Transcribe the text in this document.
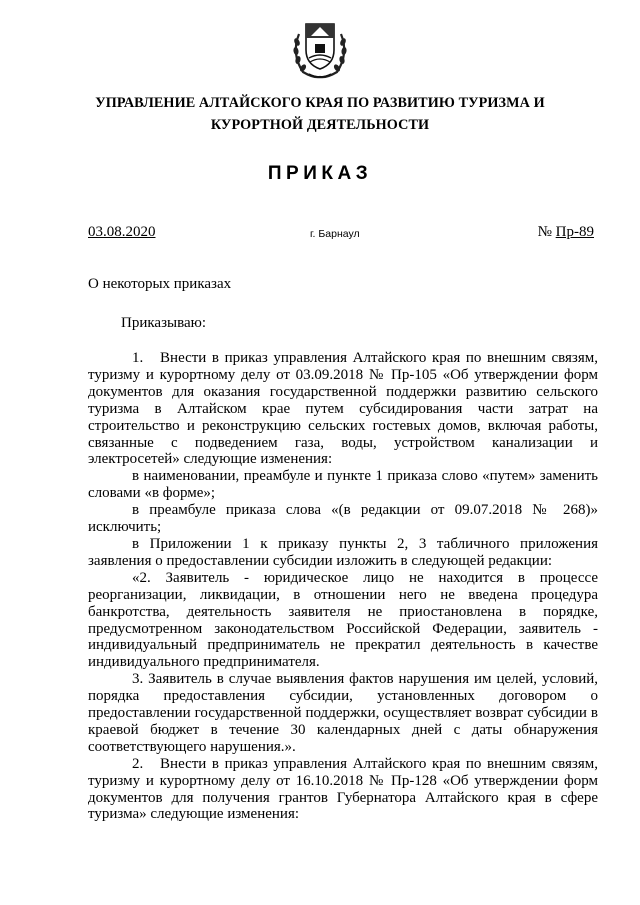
УПРАВЛЕНИЕ АЛТАЙСКОГО КРАЯ ПО РАЗВИТИЮ ТУРИЗМА И
КУРОРТНОЙ ДЕЯТЕЛЬНОСТИ
ПРИКАЗ
03.08.2020	г. Барнаул	№ Пр-89
О некоторых приказах
Приказываю:

1.   Внести в приказ управления Алтайского края по внешним связям, туризму и курортному делу от 03.09.2018 № Пр-105 «Об утверждении форм документов для оказания государственной поддержки развитию сельского туризма в Алтайском крае путем субсидирования части затрат на строительство и реконструкцию сельских гостевых домов, включая работы, связанные с подведением газа, воды, устройством канализации и электросетей» следующие изменения:

в наименовании, преамбуле и пункте 1 приказа слово «путем» заменить словами «в форме»;

в преамбуле приказа слова «(в редакции от 09.07.2018 № 268)» исключить;

в Приложении 1 к приказу пункты 2, 3 табличного приложения заявления о предоставлении субсидии изложить в следующей редакции:

«2. Заявитель - юридическое лицо не находится в процессе реорганизации, ликвидации, в отношении него не введена процедура банкротства, деятельность заявителя не приостановлена в порядке, предусмотренном законодательством Российской Федерации, заявитель - индивидуальный предприниматель не прекратил деятельность в качестве индивидуального предпринимателя.

3. Заявитель в случае выявления фактов нарушения им целей, условий, порядка предоставления субсидии, установленных договором о предоставлении государственной поддержки, осуществляет возврат субсидии в краевой бюджет в течение 30 календарных дней с даты обнаружения соответствующего нарушения.».

2.   Внести в приказ управления Алтайского края по внешним связям, туризму и курортному делу от 16.10.2018 № Пр-128 «Об утверждении форм документов для получения грантов Губернатора Алтайского края в сфере туризма» следующие изменения:
